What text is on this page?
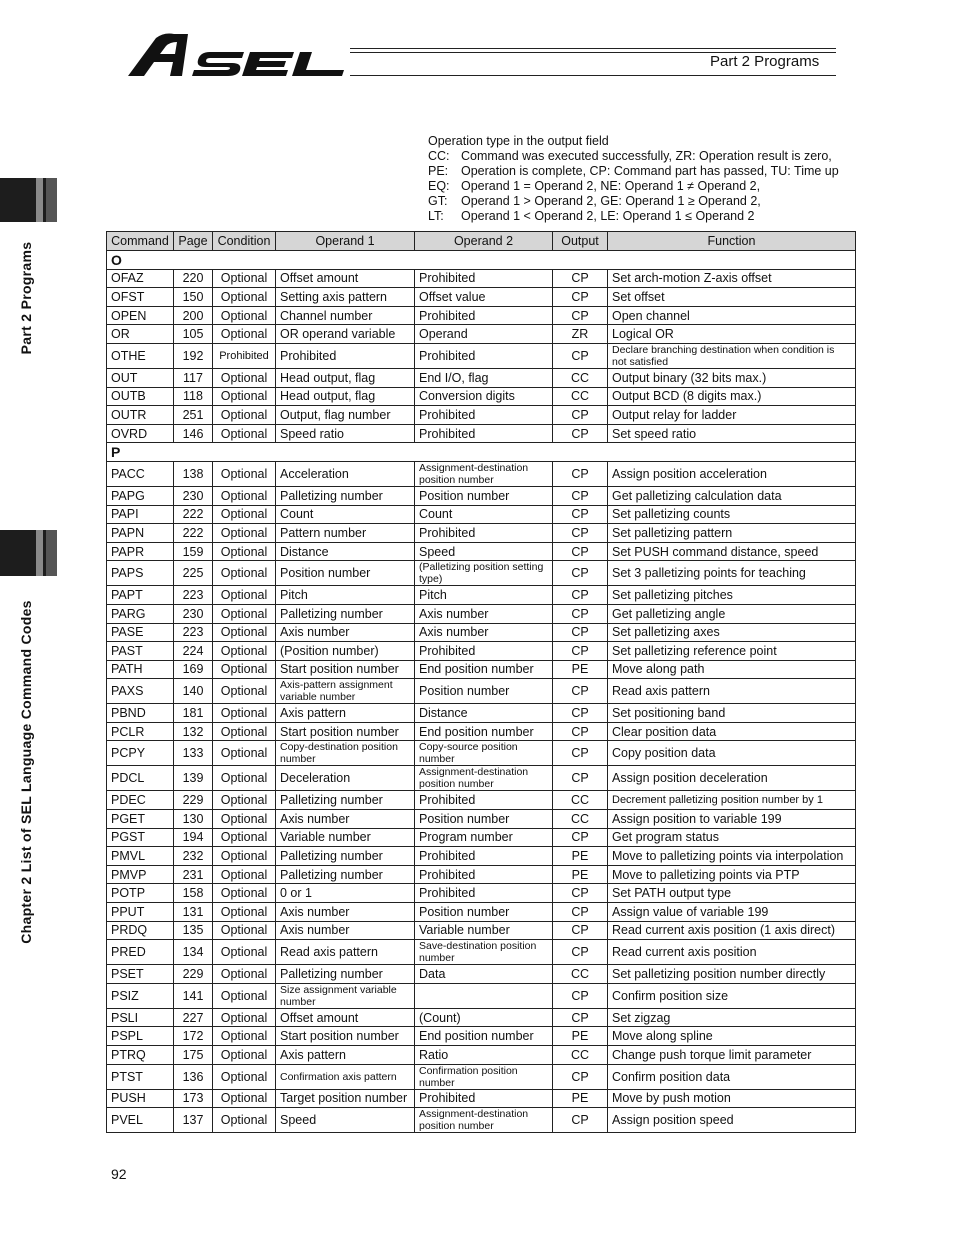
Part 2 Programs
Part 2 Programs
Chapter 2 List of SEL Language Command Codes
Operation type in the output field
CC: Command was executed successfully, ZR: Operation result is zero,
PE:	Operation is complete, CP: Command part has passed, TU: Time up
EQ: Operand 1 = Operand 2, NE: Operand 1 ≠ Operand 2,
GT:	Operand 1 > Operand 2, GE: Operand 1 ≥ Operand 2,
LT:	Operand 1 < Operand 2, LE: Operand 1 ≤ Operand 2
Command	Page	Condition	Operand 1	Operand 2	Output	Function
O						
OFAZ	220	Optional	Offset amount	Prohibited	CP	Set arch-motion Z-axis offset
OFST	150	Optional	Setting axis pattern	Offset value	CP	Set offset
OPEN	200	Optional	Channel number	Prohibited	CP	Open channel
OR	105	Optional	OR operand variable	Operand	ZR	Logical OR
OTHE	192	Prohibited	Prohibited	Prohibited	CP	Declare branching destination when condition is not satisfied
OUT	117	Optional	Head output, flag	End I/O, flag	CC	Output binary (32 bits max.)
OUTB	118	Optional	Head output, flag	Conversion digits	CC	Output BCD (8 digits max.)
OUTR	251	Optional	Output, flag number	Prohibited	CP	Output relay for ladder
OVRD	146	Optional	Speed ratio	Prohibited	CP	Set speed ratio
P						
PACC	138	Optional	Acceleration	Assignment-destination position number	CP	Assign position acceleration
PAPG	230	Optional	Palletizing number	Position number	CP	Get palletizing calculation data
PAPI	222	Optional	Count	Count	CP	Set palletizing counts
PAPN	222	Optional	Pattern number	Prohibited	CP	Set palletizing pattern
PAPR	159	Optional	Distance	Speed	CP	Set PUSH command distance, speed
PAPS	225	Optional	Position number	(Palletizing position setting type)	CP	Set 3 palletizing points for teaching
PAPT	223	Optional	Pitch	Pitch	CP	Set palletizing pitches
PARG	230	Optional	Palletizing number	Axis number	CP	Get palletizing angle
PASE	223	Optional	Axis number	Axis number	CP	Set palletizing axes
PAST	224	Optional	(Position number)	Prohibited	CP	Set palletizing reference point
PATH	169	Optional	Start position number	End position number	PE	Move along path
PAXS	140	Optional	Axis-pattern assignment variable number	Position number	CP	Read axis pattern
PBND	181	Optional	Axis pattern	Distance	CP	Set positioning band
PCLR	132	Optional	Start position number	End position number	CP	Clear position data
PCPY	133	Optional	Copy-destination position number	Copy-source position number	CP	Copy position data
PDCL	139	Optional	Deceleration	Assignment-destination position number	CP	Assign position deceleration
PDEC	229	Optional	Palletizing number	Prohibited	CC	Decrement palletizing position number by 1
PGET	130	Optional	Axis number	Position number	CC	Assign position to variable 199
PGST	194	Optional	Variable number	Program number	CP	Get program status
PMVL	232	Optional	Palletizing number	Prohibited	PE	Move to palletizing points via interpolation
PMVP	231	Optional	Palletizing number	Prohibited	PE	Move to palletizing points via PTP
POTP	158	Optional	0 or 1	Prohibited	CP	Set PATH output type
PPUT	131	Optional	Axis number	Position number	CP	Assign value of variable 199
PRDQ	135	Optional	Axis number	Variable number	CP	Read current axis position (1 axis direct)
PRED	134	Optional	Read axis pattern	Save-destination position number	CP	Read current axis position
PSET	229	Optional	Palletizing number	Data	CC	Set palletizing position number directly
PSIZ	141	Optional	Size assignment variable number		CP	Confirm position size
PSLI	227	Optional	Offset amount	(Count)	CP	Set zigzag
PSPL	172	Optional	Start position number	End position number	PE	Move along spline
PTRQ	175	Optional	Axis pattern	Ratio	CC	Change push torque limit parameter
PTST	136	Optional	Confirmation axis pattern	Confirmation position number	CP	Confirm position data
PUSH	173	Optional	Target position number	Prohibited	PE	Move by push motion
PVEL	137	Optional	Speed	Assignment-destination position number	CP	Assign position speed
92
